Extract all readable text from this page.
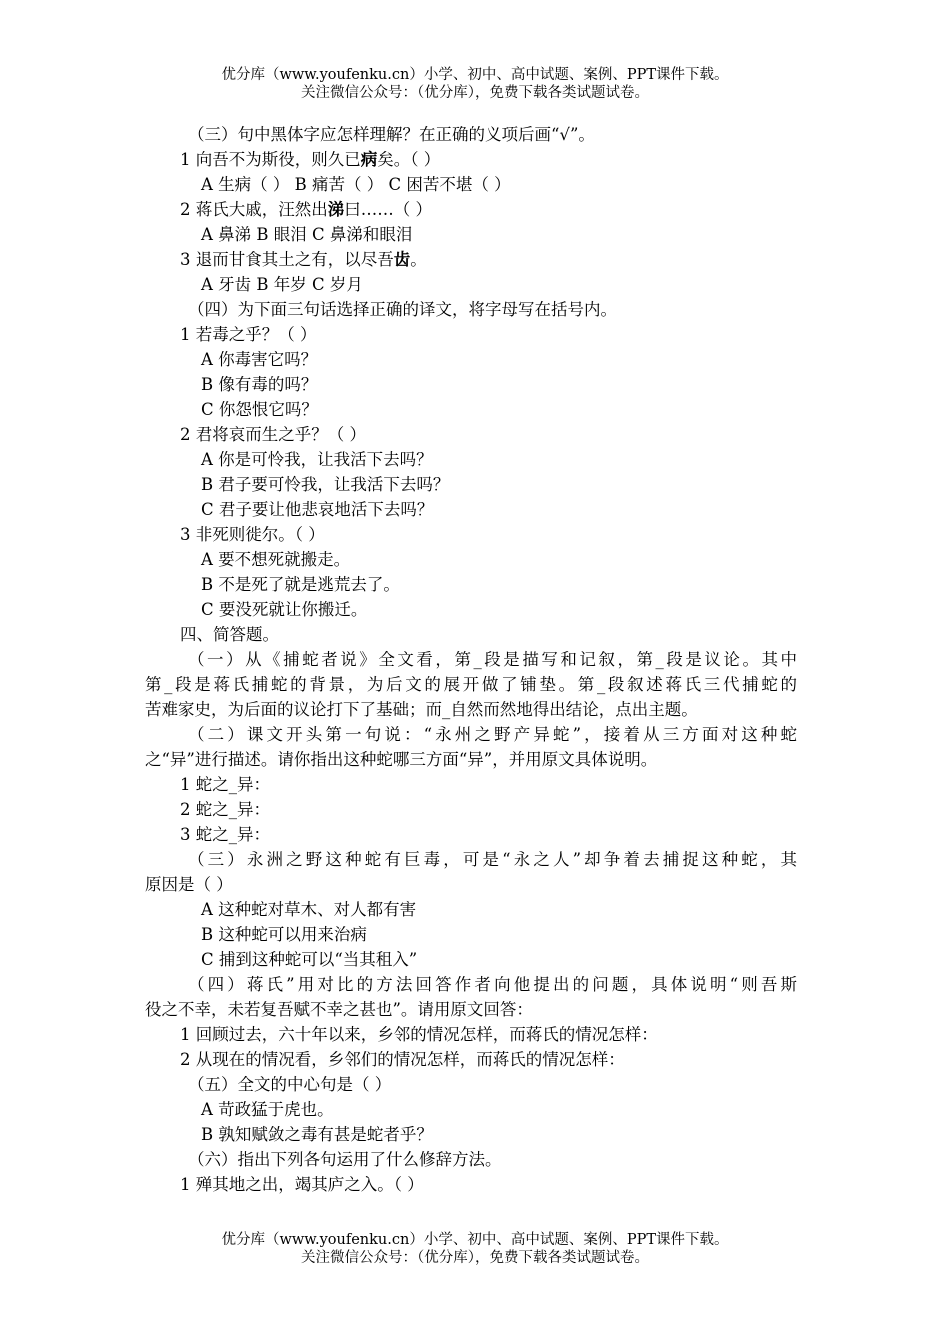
优分库（www.youfenku.cn）小学、初中、高中试题、案例、PPT课件下载。
关注微信公众号：（优分库），免费下载各类试题试卷。
（三）句中黑体字应怎样理解？在正确的义项后画“√”。
1 向吾不为斯役，则久已病矣。（ ）
A 生病（ ） B 痛苦（ ） C 困苦不堪（ ）
2 蒋氏大戚，汪然出涕曰……（ ）
A 鼻涕 B 眼泪 C 鼻涕和眼泪
3 退而甘食其土之有，以尽吾齿。
A 牙齿 B 年岁 C 岁月
（四）为下面三句话选择正确的译文，将字母写在括号内。
1 若毒之乎？（ ）
A 你毒害它吗？
B 像有毒的吗？
C 你怨恨它吗？
2 君将哀而生之乎？（ ）
A 你是可怜我，让我活下去吗？
B 君子要可怜我，让我活下去吗？
C 君子要让他悲哀地活下去吗？
3 非死则徙尔。（ ）
A 要不想死就搬走。
B 不是死了就是逃荒去了。
C 要没死就让你搬迁。
四、简答题。
（一）从《捕蛇者说》全文看，第_段是描写和记叙，第_段是议论。其中
第_段是蒋氏捕蛇的背景，为后文的展开做了铺垫。第_段叙述蒋氏三代捕蛇的
苦难家史，为后面的议论打下了基础；而_自然而然地得出结论，点出主题。
（二）课文开头第一句说：“永州之野产异蛇”，接着从三方面对这种蛇
之“异”进行描述。请你指出这种蛇哪三方面“异”，并用原文具体说明。
1 蛇之_异：
2 蛇之_异：
3 蛇之_异：
（三）永洲之野这种蛇有巨毒，可是“永之人”却争着去捕捉这种蛇，其
原因是（ ）
A 这种蛇对草木、对人都有害
B 这种蛇可以用来治病
C 捕到这种蛇可以“当其租入”
（四）蒋氏”用对比的方法回答作者向他提出的问题，具体说明“则吾斯
役之不幸，未若复吾赋不幸之甚也”。请用原文回答：
1 回顾过去，六十年以来，乡邻的情况怎样，而蒋氏的情况怎样：
2 从现在的情况看，乡邻们的情况怎样，而蒋氏的情况怎样：
（五）全文的中心句是（ ）
A 苛政猛于虎也。
B 孰知赋敛之毒有甚是蛇者乎？
（六）指出下列各句运用了什么修辞方法。
1 殚其地之出，竭其庐之入。（ ）
优分库（www.youfenku.cn）小学、初中、高中试题、案例、PPT课件下载。
关注微信公众号：（优分库），免费下载各类试题试卷。
